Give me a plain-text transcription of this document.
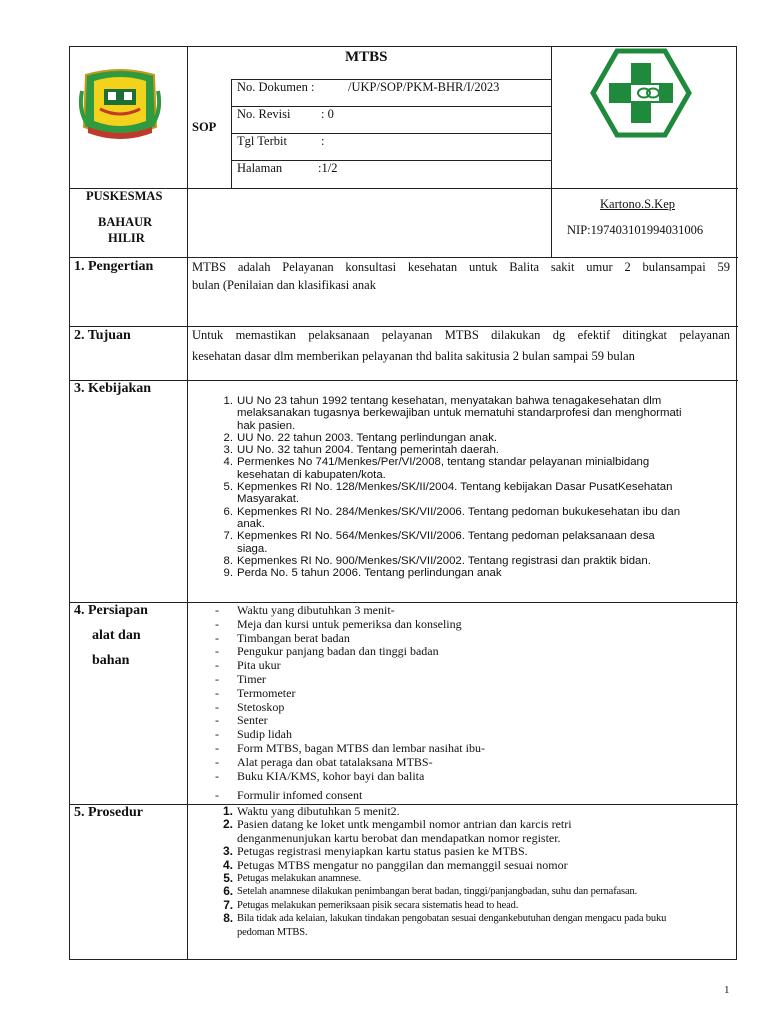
MTBS
SOP
No. Dokumen :	/UKP/SOP/PKM-BHR/I/2023
No. Revisi : 0
Tgl Terbit	:
Halaman	:1/2
PUSKESMAS
BAHAUR
HILIR
Kartono.S.Kep
NIP:197403101994031006
1. Pengertian	MTBS adalah Pelayanan konsultasi kesehatan untuk Balita sakit umur 2 bulansampai 59
bulan (Penilaian dan klasifikasi anak
2. Tujuan	Untuk memastikan pelaksanaan pelayanan MTBS dilakukan dg efektif ditingkat pelayanan
kesehatan dasar dlm memberikan pelayanan thd balita sakitusia 2 bulan sampai 59 bulan
3. Kebijakan
1. UU No 23 tahun 1992 tentang kesehatan, menyatakan bahwa tenagakesehatan dlm
melaksanakan tugasnya berkewajiban untuk mematuhi standarprofesi dan menghormati
hak pasien.
2. UU No. 22 tahun 2003. Tentang perlindungan anak.
3. UU No. 32 tahun 2004. Tentang pemerintah daerah.
4. Permenkes No 741/Menkes/Per/VI/2008, tentang standar pelayanan minialbidang
kesehatan di kabupaten/kota.
5. Kepmenkes RI No. 128/Menkes/SK/II/2004. Tentang kebijakan Dasar PusatKesehatan
Masyarakat.
6. Kepmenkes RI No. 284/Menkes/SK/VII/2006. Tentang pedoman bukukesehatan ibu dan
anak.
7. Kepmenkes RI No. 564/Menkes/SK/VII/2006. Tentang pedoman pelaksanaan desa
siaga.
8. Kepmenkes RI No. 900/Menkes/SK/VII/2002. Tentang registrasi dan praktik bidan.
9. Perda No. 5 tahun 2006. Tentang perlindungan anak
4. Persiapan
alat dan
bahan
-	Waktu yang dibutuhkan 3 menit-
-	Meja dan kursi untuk pemeriksa dan konseling
-	Timbangan berat badan
-	Pengukur panjang badan dan tinggi badan
-	Pita ukur
-	Timer
-	Termometer
-	Stetoskop
-	Senter
-	Sudip lidah
-	Form MTBS, bagan MTBS dan lembar nasihat ibu-
-	Alat peraga dan obat tatalaksana MTBS-
-	Buku KIA/KMS, kohor bayi dan balita
-	Formulir infomed consent
5. Prosedur	1. Waktu yang dibutuhkan 5 menit2.
2. Pasien datang ke loket untk mengambil nomor antrian dan karcis retri
denganmenunjukan kartu berobat dan mendapatkan nomor register.
3. Petugas registrasi menyiapkan kartu status pasien ke MTBS.
4. Petugas MTBS mengatur no panggilan dan memanggil sesuai nomor
5. Petugas melakukan anamnese.
6. Setelah anamnese dilakukan penimbangan berat badan, tinggi/panjangbadan, suhu dan pernafasan.
7. Petugas melakukan pemeriksaan pisik secara sistematis head to head.
8. Bila tidak ada kelaian, lakukan tindakan pengobatan sesuai dengankebutuhan dengan mengacu pada buku
pedoman MTBS.
1
